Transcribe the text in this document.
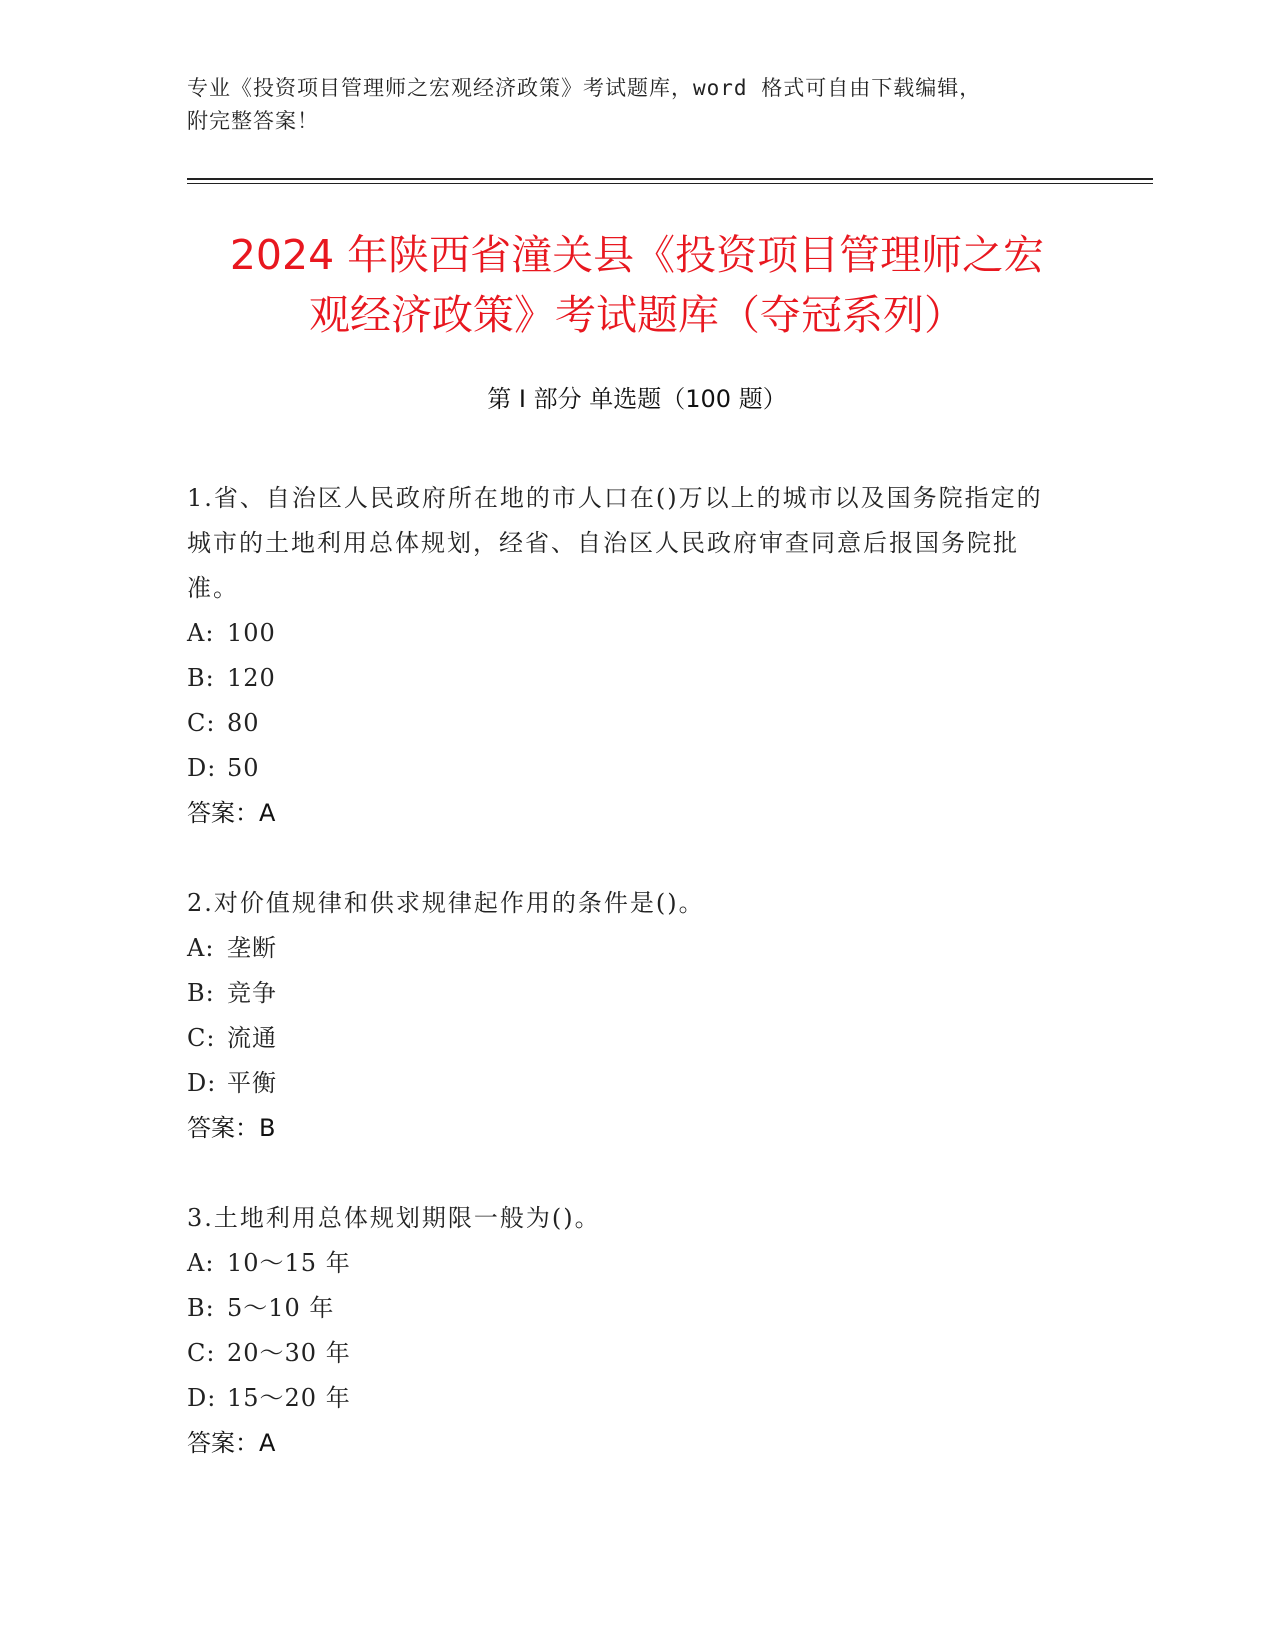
专业《投资项目管理师之宏观经济政策》考试题库，word 格式可自由下载编辑，
附完整答案！
2024 年陕西省潼关县《投资项目管理师之宏
观经济政策》考试题库（夺冠系列）
第 I 部分 单选题（100 题）
1.省、自治区人民政府所在地的市人口在()万以上的城市以及国务院指定的城市的土地利用总体规划，经省、自治区人民政府审查同意后报国务院批准。
A: 100
B: 120
C: 80
D: 50
答案：A
2.对价值规律和供求规律起作用的条件是()。
A: 垄断
B: 竞争
C: 流通
D: 平衡
答案：B
3.土地利用总体规划期限一般为()。
A: 10～15 年
B: 5～10 年
C: 20～30 年
D: 15～20 年
答案：A
